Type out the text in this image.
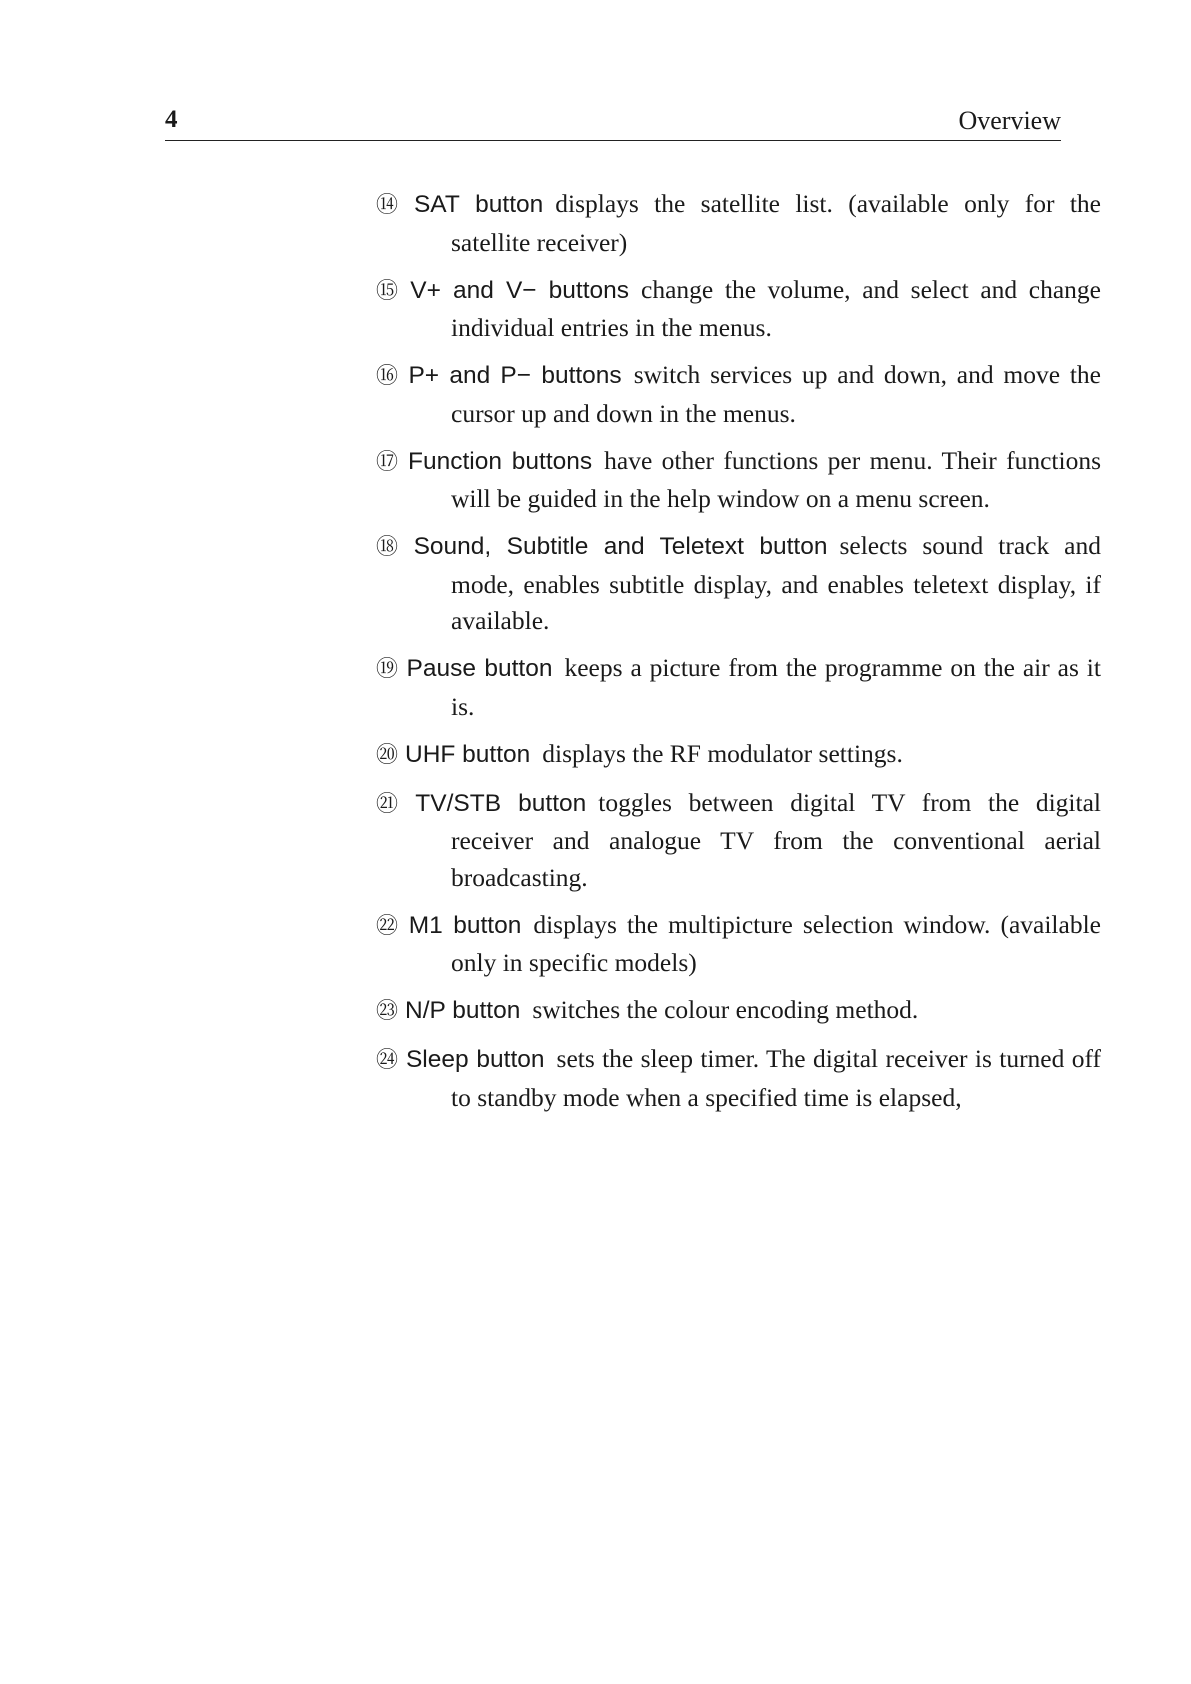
4	Overview
⑭ SAT button displays the satellite list. (available only for the satellite receiver)
⑮ V+ and V− buttons change the volume, and select and change individual entries in the menus.
⑯ P+ and P− buttons switch services up and down, and move the cursor up and down in the menus.
⑰ Function buttons have other functions per menu. Their functions will be guided in the help window on a menu screen.
⑱ Sound, Subtitle and Teletext button selects sound track and mode, enables subtitle display, and enables teletext display, if available.
⑲ Pause button keeps a picture from the programme on the air as it is.
⑳ UHF button displays the RF modulator settings.
㉑ TV/STB button toggles between digital TV from the digital receiver and analogue TV from the conventional aerial broadcasting.
㉒ M1 button displays the multipicture selection window. (available only in specific models)
㉓ N/P button switches the colour encoding method.
㉔ Sleep button sets the sleep timer. The digital receiver is turned off to standby mode when a specified time is elapsed,
